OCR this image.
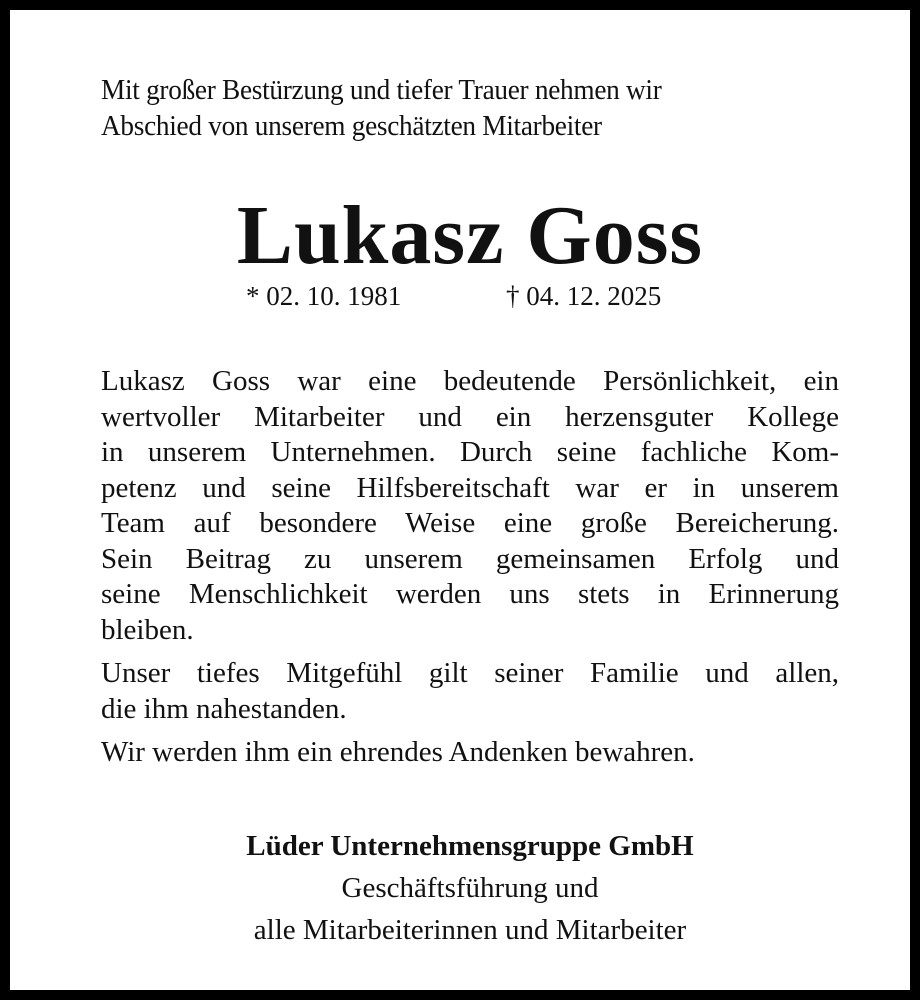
Mit großer Bestürzung und tiefer Trauer nehmen wir
Abschied von unserem geschätzten Mitarbeiter
Lukasz Goss
* 02. 10. 1981	† 04. 12. 2025

Lukasz Goss war eine bedeutende Persönlichkeit, ein
wertvoller Mitarbeiter und ein herzensguter Kollege
in unserem Unternehmen. Durch seine fachliche Kom-
petenz und seine Hilfsbereitschaft war er in unserem
Team auf besondere Weise eine große Bereicherung.
Sein Beitrag zu unserem gemeinsamen Erfolg und
seine Menschlichkeit werden uns stets in Erinnerung
bleiben.

Unser tiefes Mitgefühl gilt seiner Familie und allen,
die ihm nahestanden.

Wir werden ihm ein ehrendes Andenken bewahren.

Lüder Unternehmensgruppe GmbH
Geschäftsführung und
alle Mitarbeiterinnen und Mitarbeiter
